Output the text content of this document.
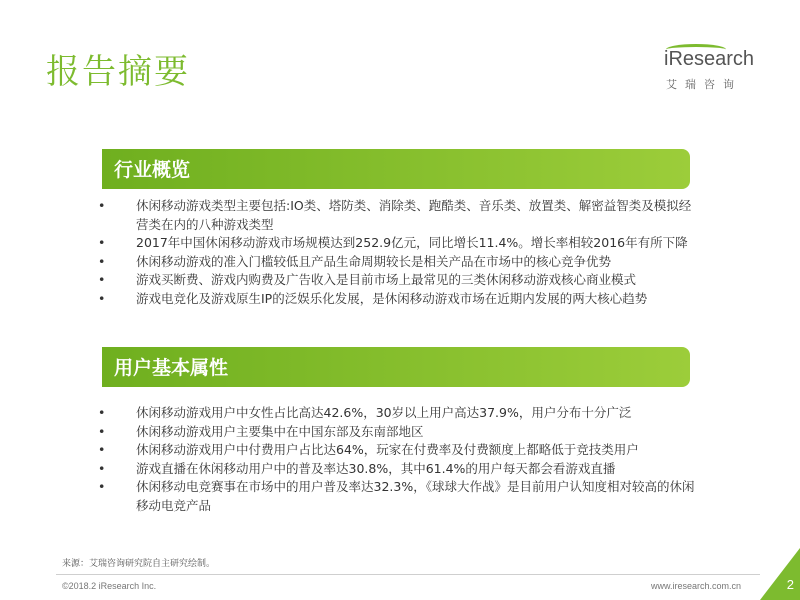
报告摘要	iResearch
艾瑞咨询
行业概览
• 休闲移动游戏类型主要包括:IO类、塔防类、消除类、跑酷类、音乐类、放置类、解密益智类及模拟经营类在内的八种游戏类型
• 2017年中国休闲移动游戏市场规模达到252.9亿元，同比增长11.4%。增长率相较2016年有所下降
• 休闲移动游戏的准入门槛较低且产品生命周期较长是相关产品在市场中的核心竞争优势
• 游戏买断费、游戏内购费及广告收入是目前市场上最常见的三类休闲移动游戏核心商业模式
• 游戏电竞化及游戏原生IP的泛娱乐化发展，是休闲移动游戏市场在近期内发展的两大核心趋势
用户基本属性
• 休闲移动游戏用户中女性占比高达42.6%，30岁以上用户高达37.9%，用户分布十分广泛
• 休闲移动游戏用户主要集中在中国东部及东南部地区
• 休闲移动游戏用户中付费用户占比达64%，玩家在付费率及付费额度上都略低于竞技类用户
• 游戏直播在休闲移动用户中的普及率达30.8%，其中61.4%的用户每天都会看游戏直播
• 休闲移动电竞赛事在市场中的用户普及率达32.3%，《球球大作战》是目前用户认知度相对较高的休闲移动电竞产品
来源：艾瑞咨询研究院自主研究绘制。
©2018.2 iResearch Inc.	www.iresearch.com.cn	2
